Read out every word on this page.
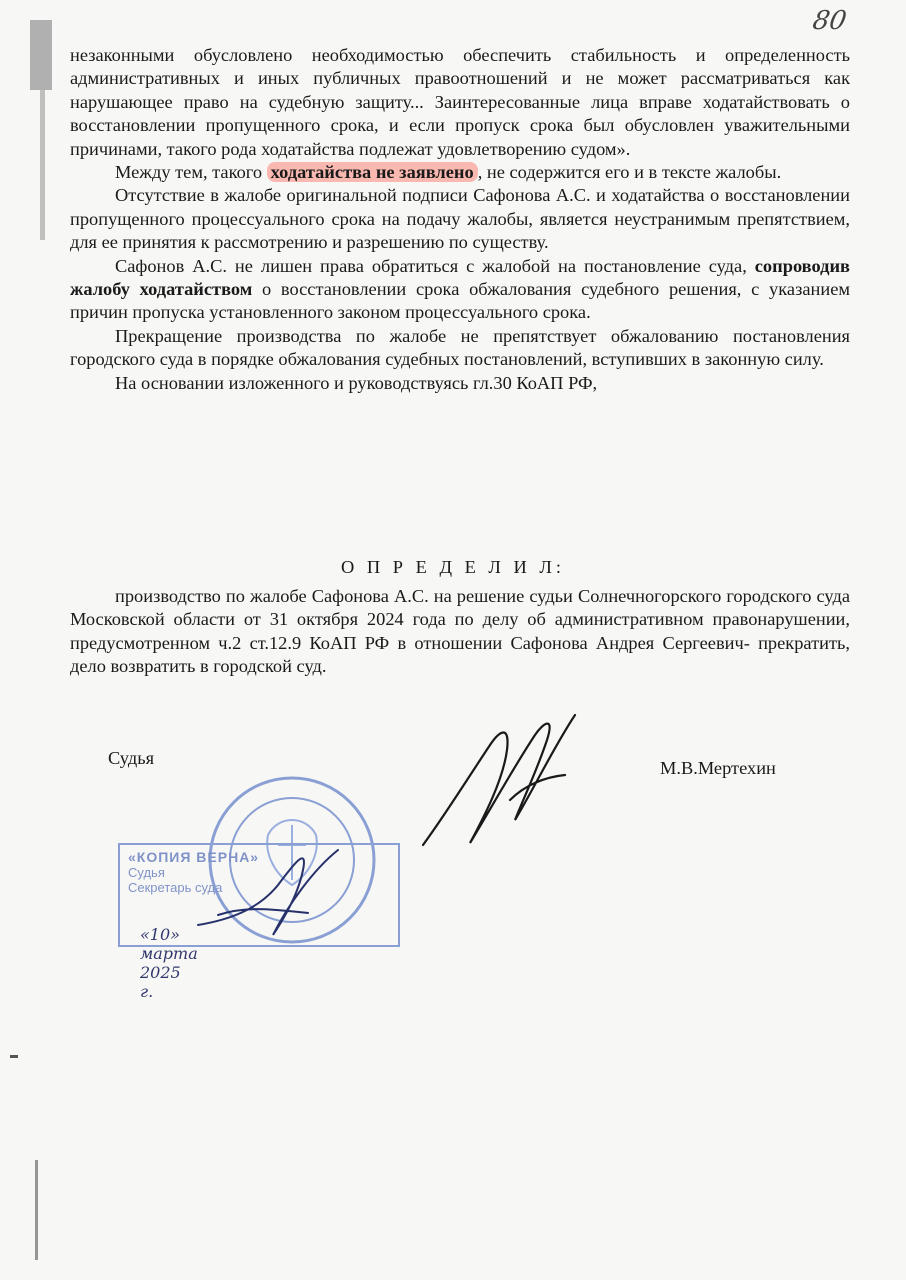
80

незаконными обусловлено необходимостью обеспечить стабильность и определенность административных и иных публичных правоотношений и не может рассматриваться как нарушающее право на судебную защиту... Заинтересованные лица вправе ходатайствовать о восстановлении пропущенного срока, и если пропуск срока был обусловлен уважительными причинами, такого рода ходатайства подлежат удовлетворению судом».

Между тем, такого ходатайства не заявлено , не содержится его и в тексте жалобы.

Отсутствие в жалобе оригинальной подписи Сафонова А.С. и ходатайства о восстановлении пропущенного процессуального срока на подачу жалобы, является неустранимым препятствием, для ее принятия к рассмотрению и разрешению по существу.

Сафонов А.С. не лишен права обратиться с жалобой на постановление суда, сопроводив жалобу ходатайством о восстановлении срока обжалования судебного решения, с указанием причин пропуска установленного законом процессуального срока.

Прекращение производства по жалобе не препятствует обжалованию постановления городского суда в порядке обжалования судебных постановлений, вступивших в законную силу.

На основании изложенного и руководствуясь гл.30 КоАП РФ,

О П Р Е Д Е Л И Л:

производство по жалобе Сафонова А.С. на решение судьи Солнечногорского городского суда Московской области от 31 октября 2024 года по делу об административном правонарушении, предусмотренном ч.2 ст.12.9 КоАП РФ в отношении Сафонова Андрея Сергеевич- прекратить, дело возвратить в городской суд.

Судья	М.В.Мертехин
«КОПИЯ ВЕРНА»
Судья
Секретарь суда
«10» марта 2025 г.
